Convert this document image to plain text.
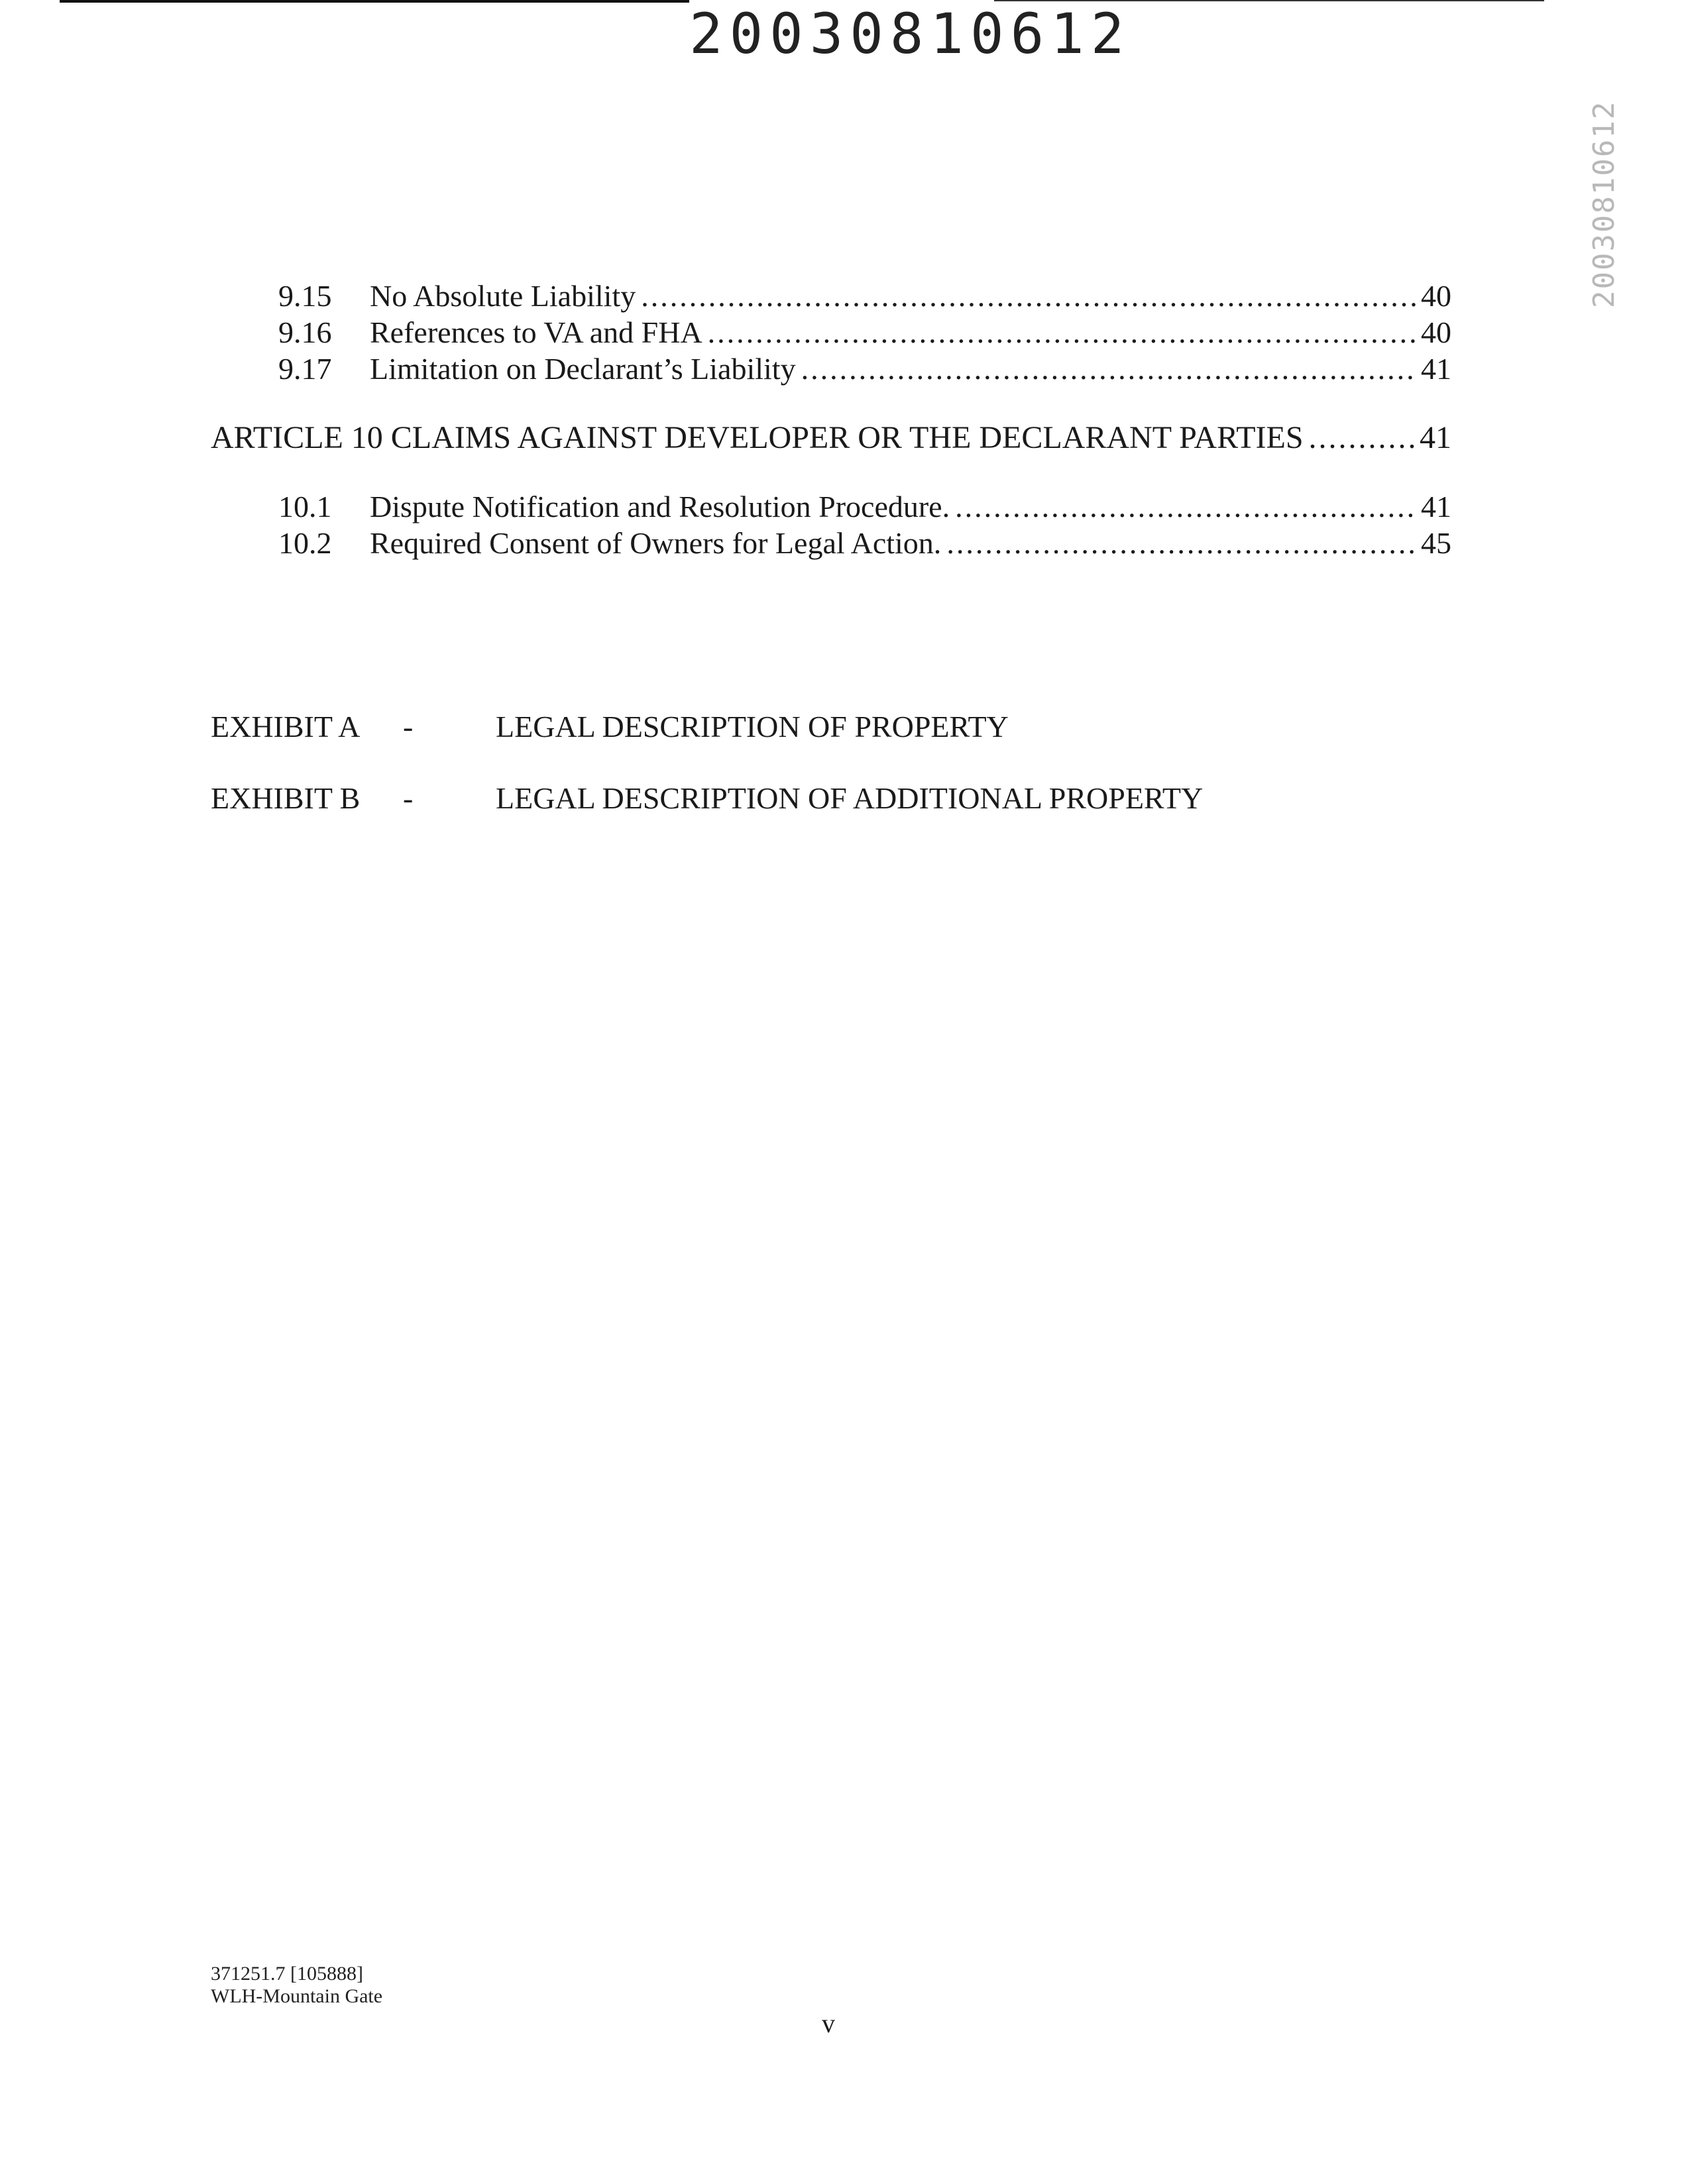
20030810612
20030810612
9.15	No Absolute Liability .....	40
9.16	References to VA and FHA .....	40
9.17	Limitation on Declarant’s Liability .....	41
ARTICLE 10 CLAIMS AGAINST DEVELOPER OR THE DECLARANT PARTIES .....	41
10.1	Dispute Notification and Resolution Procedure. .....	41
10.2	Required Consent of Owners for Legal Action. .....	45
EXHIBIT A -	LEGAL DESCRIPTION OF PROPERTY
EXHIBIT B -	LEGAL DESCRIPTION OF ADDITIONAL PROPERTY
371251.7 [105888]
WLH-Mountain Gate
v
